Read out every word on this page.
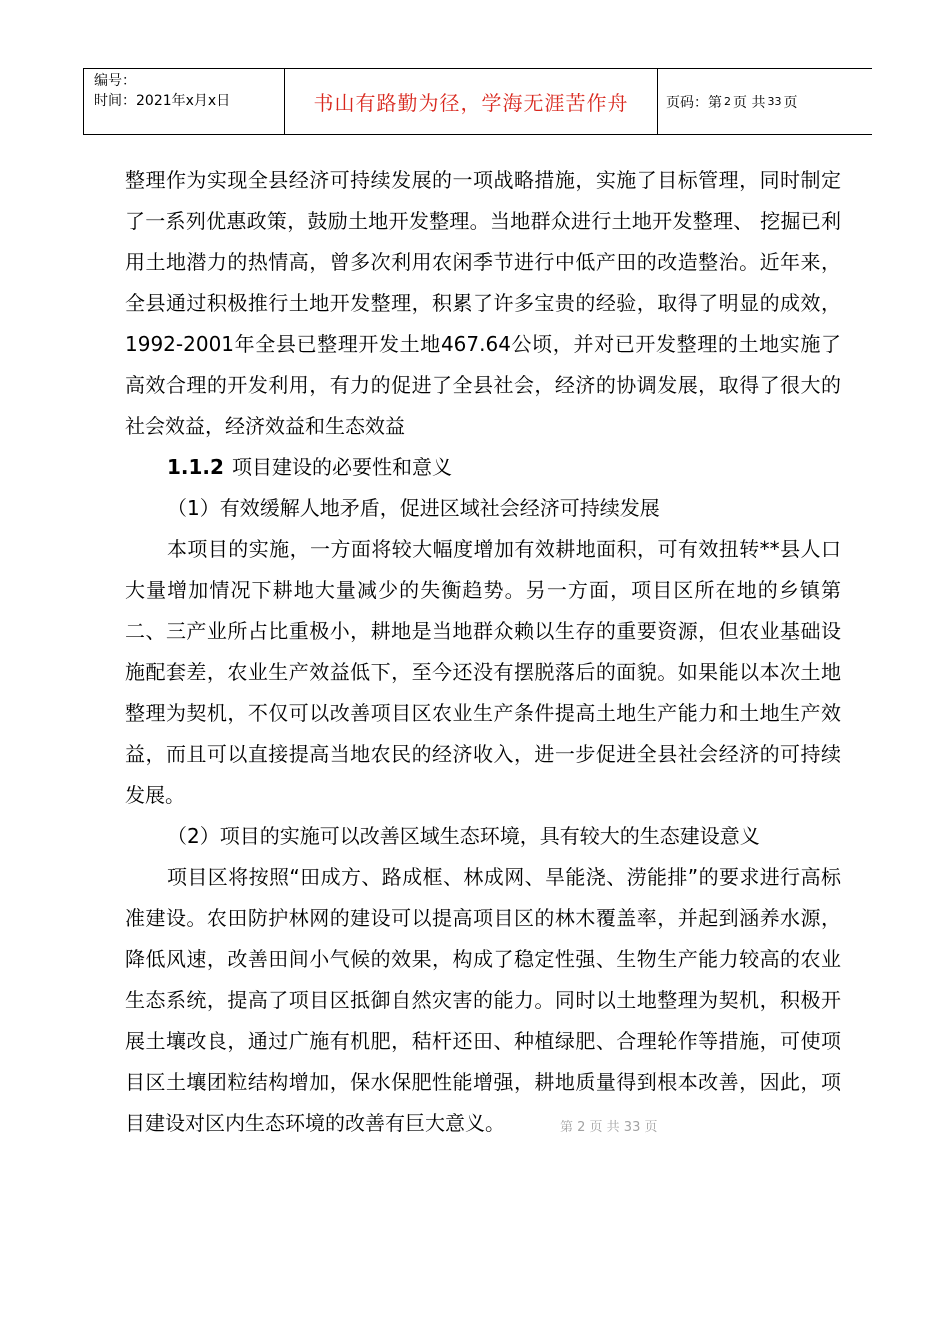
编号：
时间：2021年x月x日	书山有路勤为径，学海无涯苦作舟	页码：第 2 页 共 33 页

整理作为实现全县经济可持续发展的一项战略措施，实施了目标管理，同时制定了一系列优惠政策，鼓励土地开发整理。当地群众进行土地开发整理、 挖掘已利用土地潜力的热情高，曾多次利用农闲季节进行中低产田的改造整治。近年来，全县通过积极推行土地开发整理，积累了许多宝贵的经验，取得了明显的成效，1992-2001年全县已整理开发土地467.64公顷，并对已开发整理的土地实施了高效合理的开发利用，有力的促进了全县社会，经济的协调发展，取得了很大的社会效益，经济效益和生态效益

1.1.2 项目建设的必要性和意义

（1）有效缓解人地矛盾，促进区域社会经济可持续发展

本项目的实施，一方面将较大幅度增加有效耕地面积，可有效扭转**县人口大量增加情况下耕地大量减少的失衡趋势。另一方面，项目区所在地的乡镇第二、三产业所占比重极小，耕地是当地群众赖以生存的重要资源，但农业基础设施配套差，农业生产效益低下，至今还没有摆脱落后的面貌。如果能以本次土地整理为契机，不仅可以改善项目区农业生产条件提高土地生产能力和土地生产效益，而且可以直接提高当地农民的经济收入，进一步促进全县社会经济的可持续发展。

（2）项目的实施可以改善区域生态环境，具有较大的生态建设意义

项目区将按照“田成方、路成框、林成网、旱能浇、涝能排”的要求进行高标准建设。农田防护林网的建设可以提高项目区的林木覆盖率，并起到涵养水源，降低风速，改善田间小气候的效果，构成了稳定性强、生物生产能力较高的农业生态系统，提高了项目区抵御自然灾害的能力。同时以土地整理为契机，积极开展土壤改良，通过广施有机肥，秸杆还田、种植绿肥、合理轮作等措施，可使项目区土壤团粒结构增加，保水保肥性能增强，耕地质量得到根本改善，因此，项目建设对区内生态环境的改善有巨大意义。	第 2 页 共 33 页
